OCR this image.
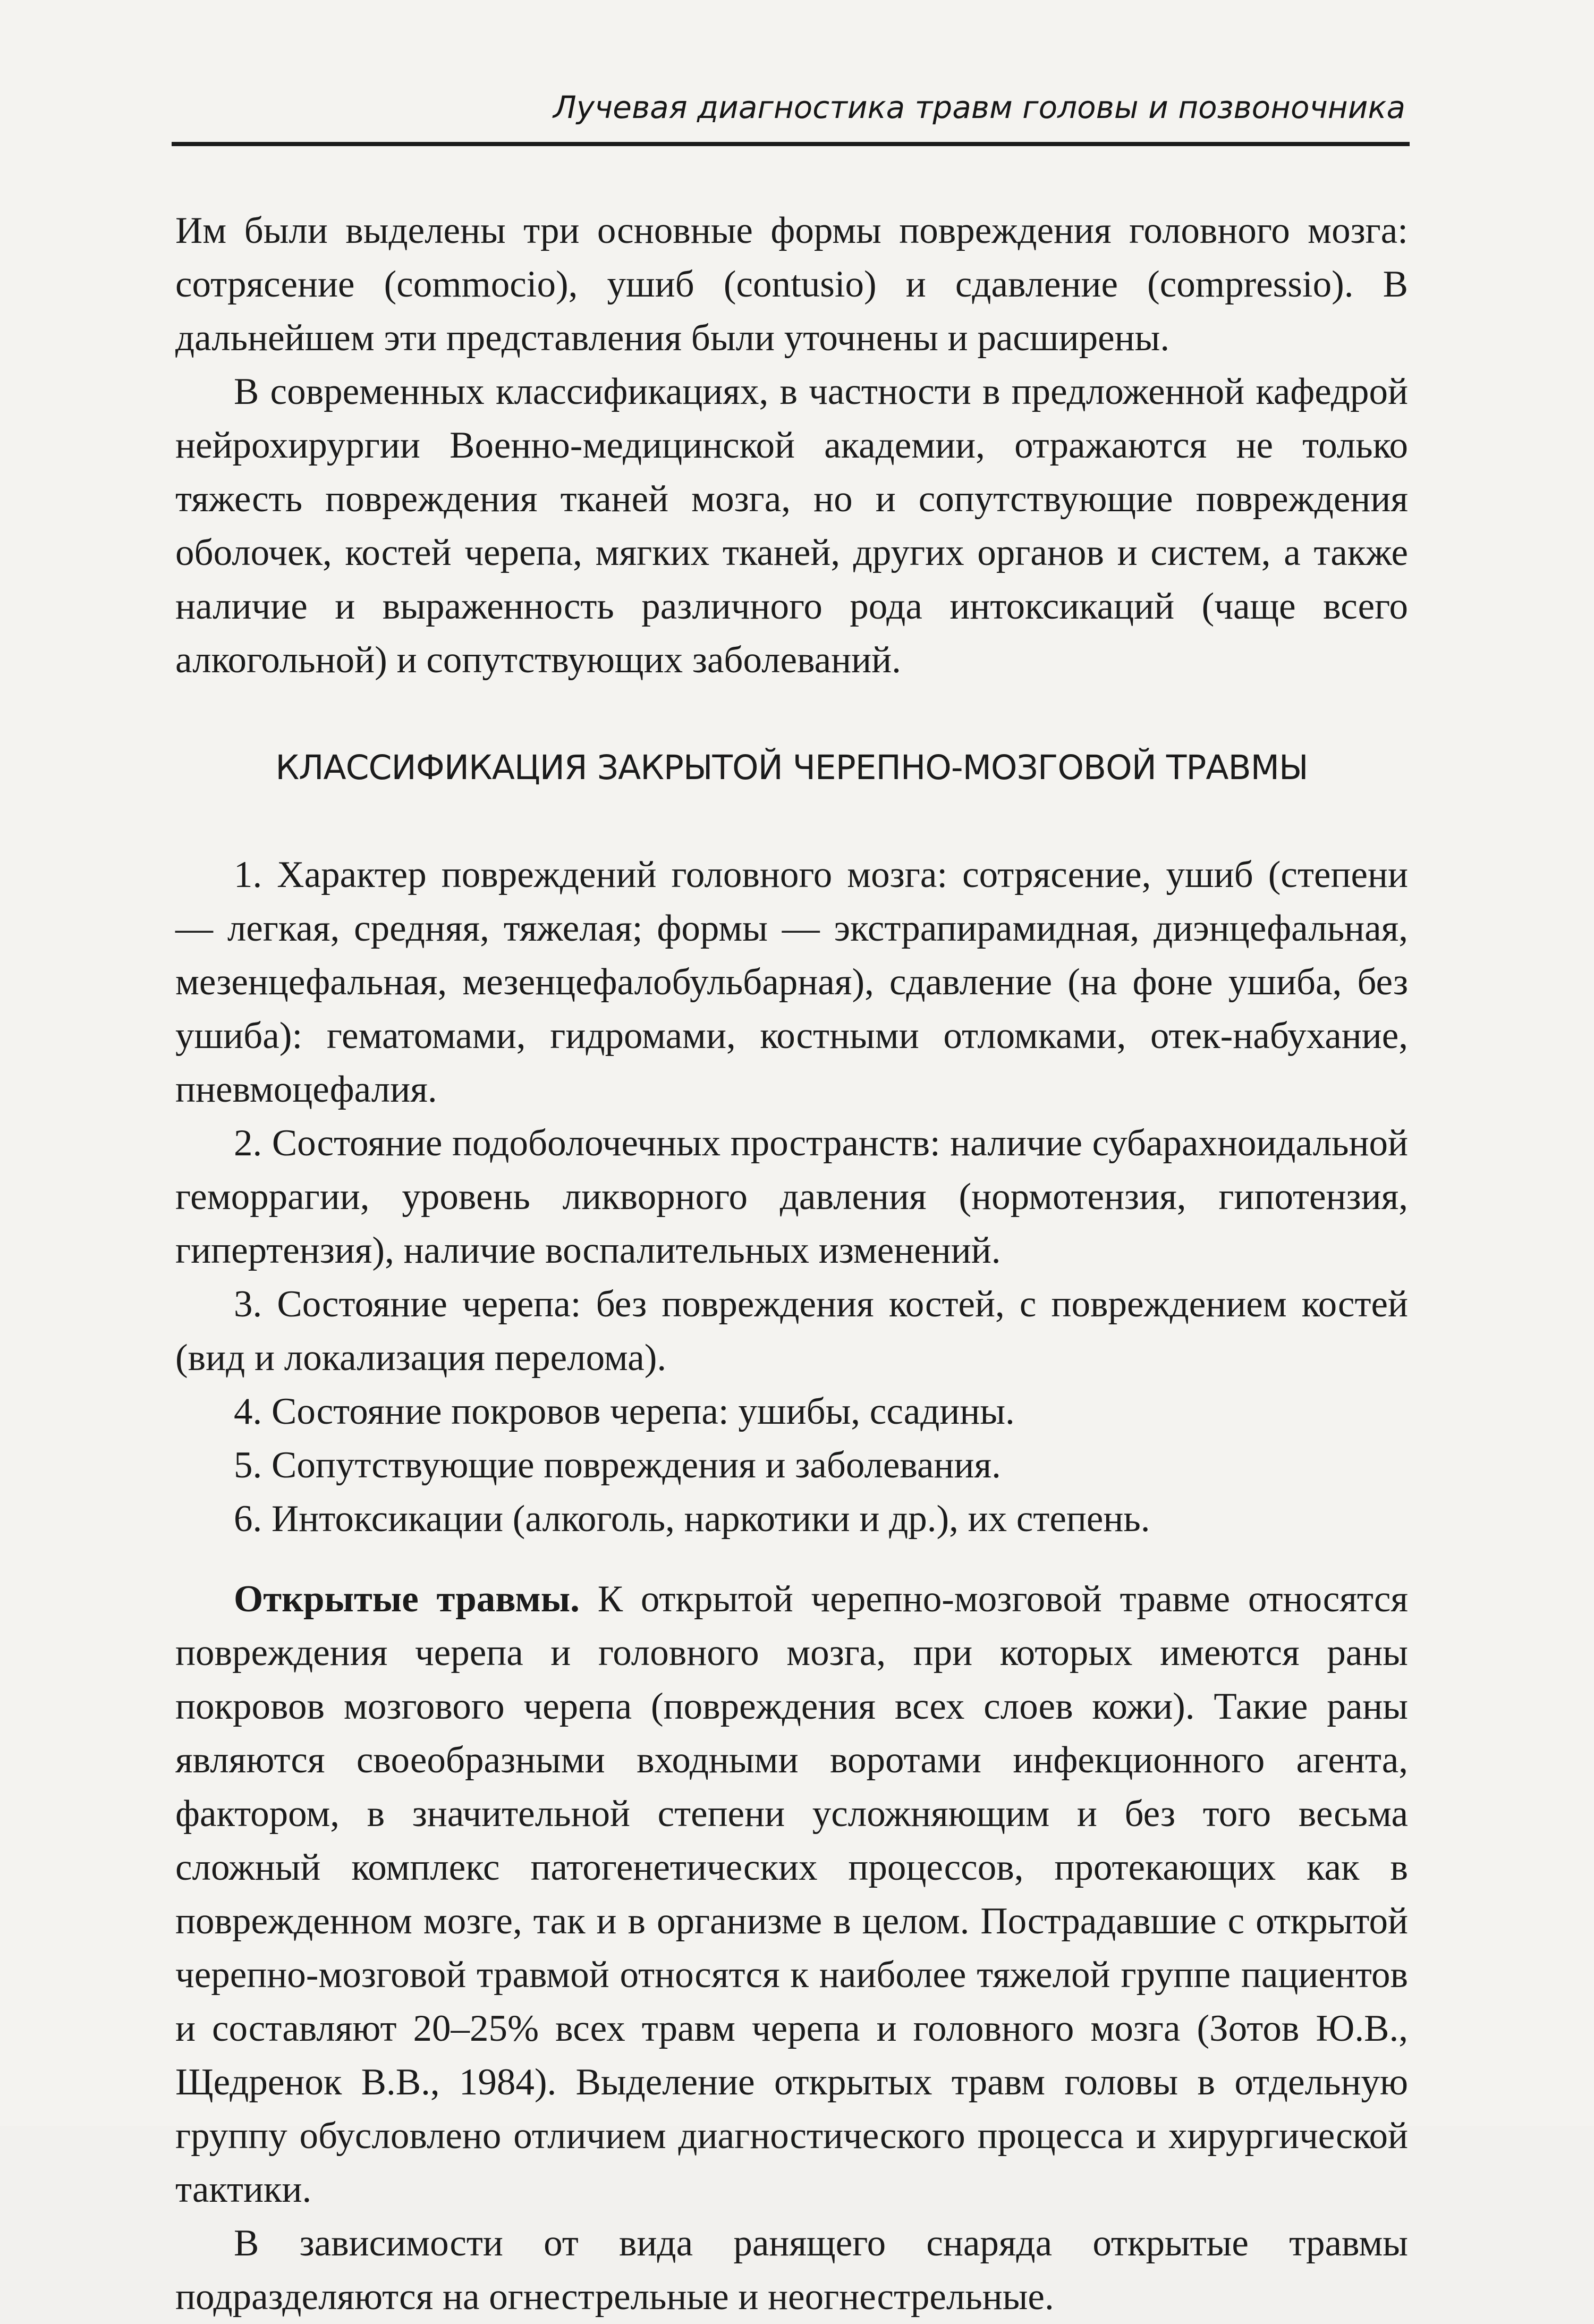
Лучевая диагностика травм головы и позвоночника

Им были выделены три основные формы повреждения головного мозга: сотрясение (commocio), ушиб (contusio) и сдавление (compressio). В дальнейшем эти представления были уточнены и расширены.

В современных классификациях, в частности в предложенной кафедрой нейрохирургии Военно-медицинской академии, отражаются не только тяжесть повреждения тканей мозга, но и сопутствующие повреждения оболочек, костей черепа, мягких тканей, других органов и систем, а также наличие и выраженность различного рода интоксикаций (чаще всего алкогольной) и сопутствующих заболеваний.

КЛАССИФИКАЦИЯ ЗАКРЫТОЙ ЧЕРЕПНО-МОЗГОВОЙ ТРАВМЫ

1. Характер повреждений головного мозга: сотрясение, ушиб (степени — легкая, средняя, тяжелая; формы — экстрапирамидная, диэнцефальная, мезенцефальная, мезенцефалобульбарная), сдавление (на фоне ушиба, без ушиба): гематомами, гидромами, костными отломками, отек-набухание, пневмоцефалия.

2. Состояние подоболочечных пространств: наличие субарахноидальной геморрагии, уровень ликворного давления (нормотензия, гипотензия, гипертензия), наличие воспалительных изменений.

3. Состояние черепа: без повреждения костей, с повреждением костей (вид и локализация перелома).

4. Состояние покровов черепа: ушибы, ссадины.

5. Сопутствующие повреждения и заболевания.

6. Интоксикации (алкоголь, наркотики и др.), их степень.

Открытые травмы. К открытой черепно-мозговой травме относятся повреждения черепа и головного мозга, при которых имеются раны покровов мозгового черепа (повреждения всех слоев кожи). Такие раны являются своеобразными входными воротами инфекционного агента, фактором, в значительной степени усложняющим и без того весьма сложный комплекс патогенетических процессов, протекающих как в поврежденном мозге, так и в организме в целом. Пострадавшие с открытой черепно-мозговой травмой относятся к наиболее тяжелой группе пациентов и составляют 20–25% всех травм черепа и головного мозга (Зотов Ю.В., Щедренок В.В., 1984). Выделение открытых травм головы в отдельную группу обусловлено отличием диагностического процесса и хирургической тактики.

В зависимости от вида ранящего снаряда открытые травмы подразделяются на огнестрельные и неогнестрельные.
